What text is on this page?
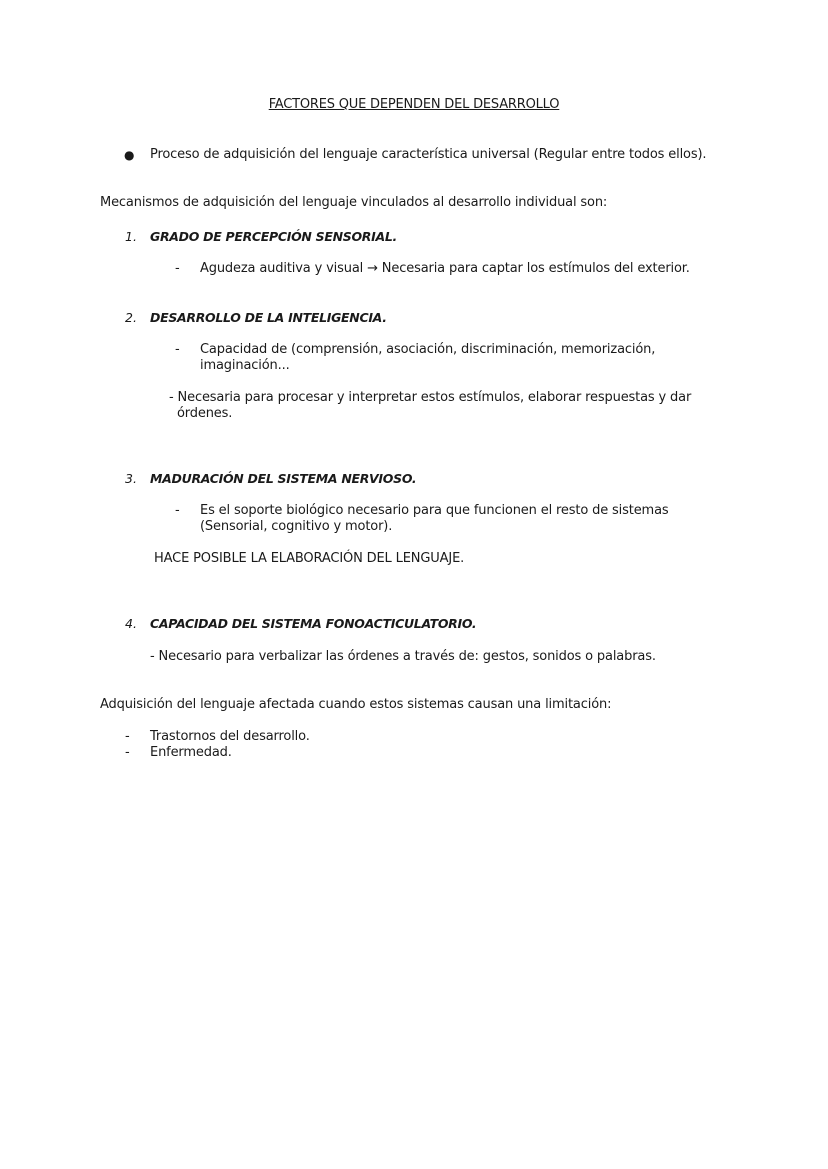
FACTORES QUE DEPENDEN DEL DESARROLLO
● Proceso de adquisición del lenguaje característica universal (Regular entre todos ellos).
Mecanismos de adquisición del lenguaje vinculados al desarrollo individual son:
1. GRADO DE PERCEPCIÓN SENSORIAL.
- Agudeza auditiva y visual → Necesaria para captar los estímulos del exterior.
2. DESARROLLO DE LA INTELIGENCIA.
- Capacidad de (comprensión, asociación, discriminación, memorización,
imaginación...
- Necesaria para procesar y interpretar estos estímulos, elaborar respuestas y dar
órdenes.
3. MADURACIÓN DEL SISTEMA NERVIOSO.
- Es el soporte biológico necesario para que funcionen el resto de sistemas
(Sensorial, cognitivo y motor).
HACE POSIBLE LA ELABORACIÓN DEL LENGUAJE.
4. CAPACIDAD DEL SISTEMA FONOACTICULATORIO.
- Necesario para verbalizar las órdenes a través de: gestos, sonidos o palabras.
Adquisición del lenguaje afectada cuando estos sistemas causan una limitación:
- Trastornos del desarrollo.
- Enfermedad.
